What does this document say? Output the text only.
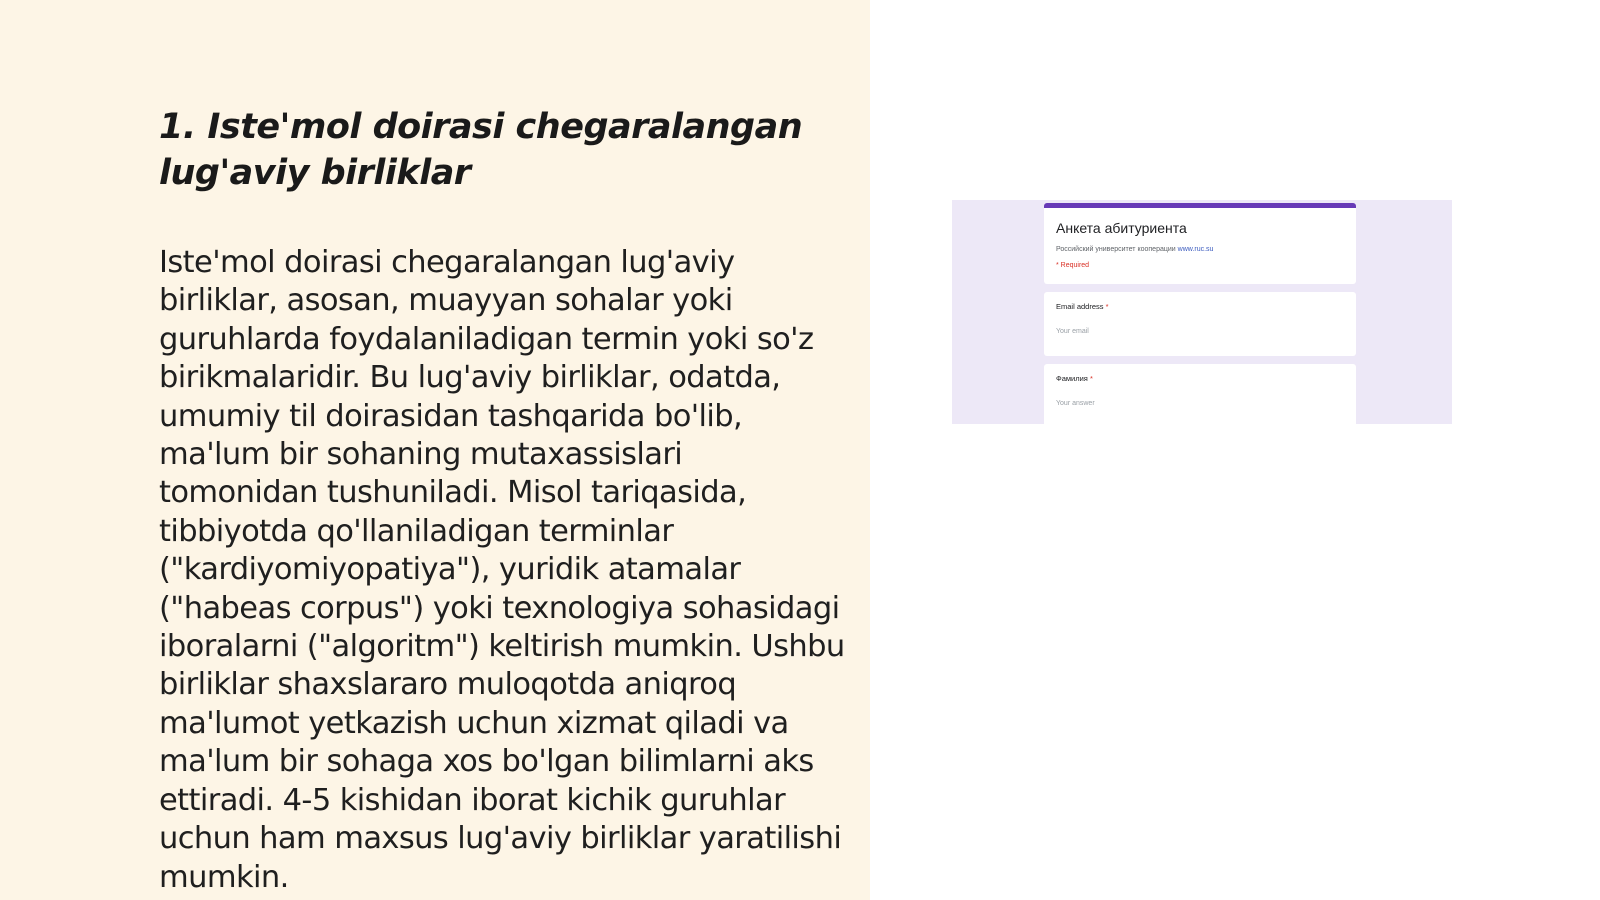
1. Iste'mol doirasi chegaralangan lug'aviy birliklar

Iste'mol doirasi chegaralangan lug'aviy birliklar, asosan, muayyan sohalar yoki guruhlarda foydalaniladigan termin yoki so'z birikmalaridir. Bu lug'aviy birliklar, odatda, umumiy til doirasidan tashqarida bo'lib, ma'lum bir sohaning mutaxassislari tomonidan tushuniladi. Misol tariqasida, tibbiyotda qo'llaniladigan terminlar ("kardiyomiyopatiya"), yuridik atamalar ("habeas corpus") yoki texnologiya sohasidagi iboralarni ("algoritm") keltirish mumkin. Ushbu birliklar shaxslararo muloqotda aniqroq ma'lumot yetkazish uchun xizmat qiladi va ma'lum bir sohaga xos bo'lgan bilimlarni aks ettiradi. 4-5 kishidan iborat kichik guruhlar uchun ham maxsus lug'aviy birliklar yaratilishi mumkin.

Анкета абитуриента
Российский университет кооперации www.ruc.su
* Required
Email address *
Your email
Фамилия *
Your answer
